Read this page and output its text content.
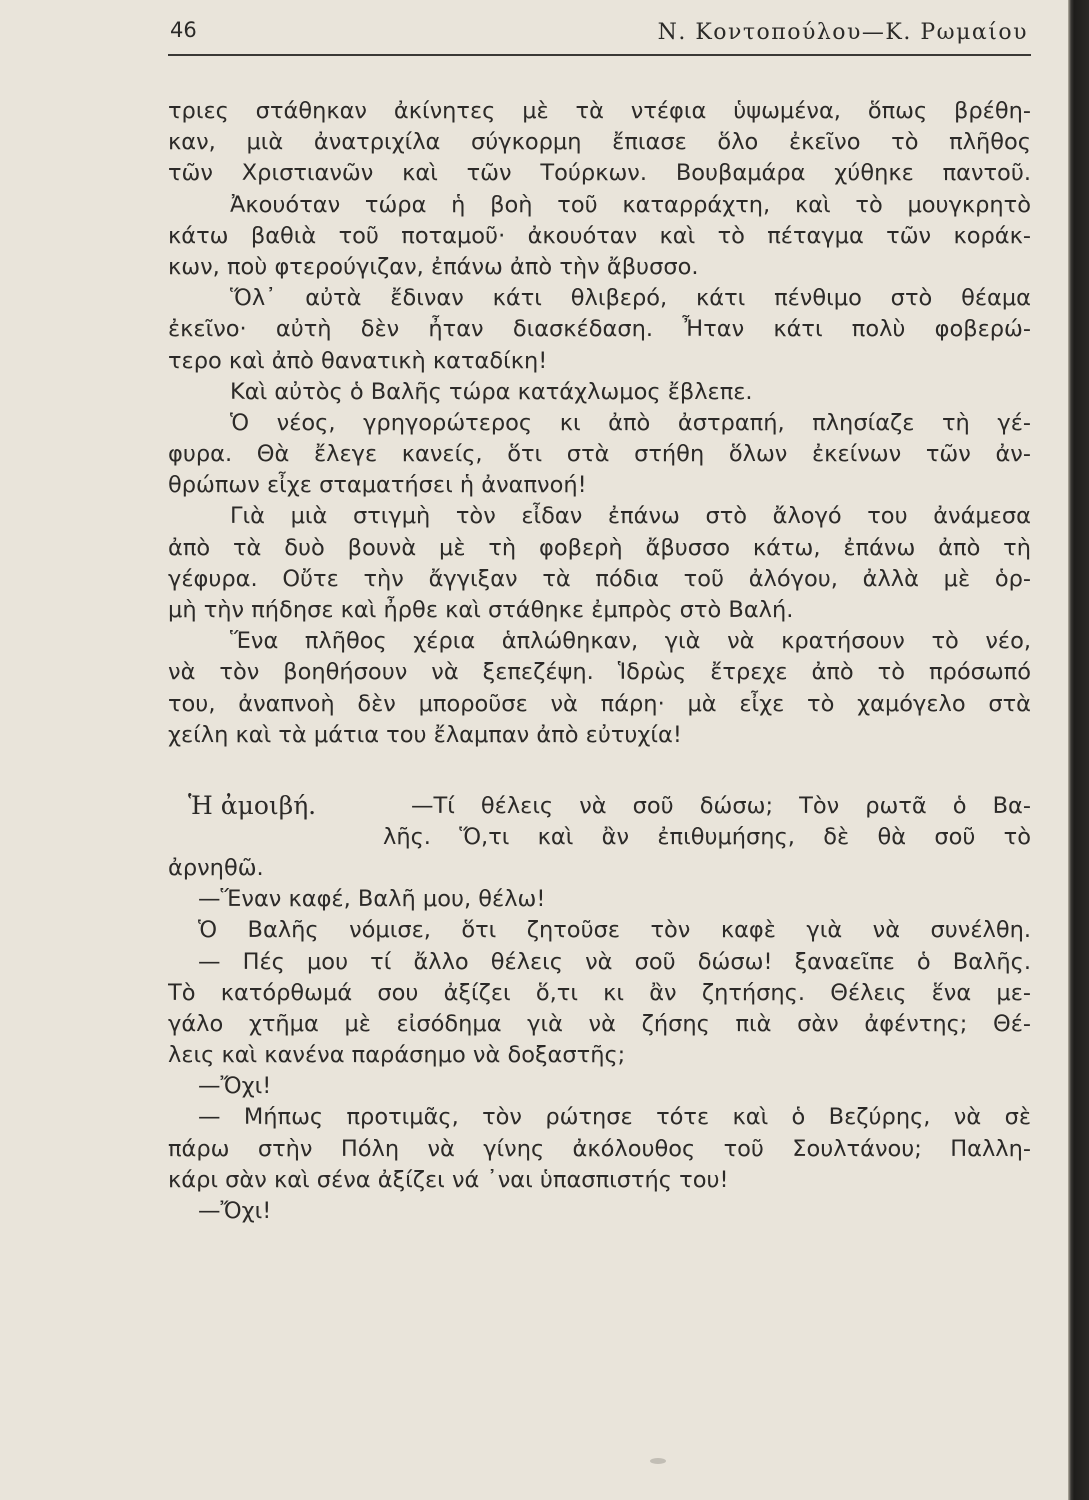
46	Ν. Κοντοπούλου—Κ. Ρωμαίου
τριες στάθηκαν ἀκίνητες μὲ τὰ ντέφια ὑψωμένα, ὅπως βρέθη-
καν, μιὰ ἀνατριχίλα σύγκορμη ἔπιασε ὅλο ἐκεῖνο τὸ πλῆθος
τῶν Χριστιανῶν καὶ τῶν Τούρκων. Βουβαμάρα χύθηκε παντοῦ.
Ἀκουόταν τώρα ἡ βοὴ τοῦ καταρράχτη, καὶ τὸ μουγκρητὸ
κάτω βαθιὰ τοῦ ποταμοῦ· ἀκουόταν καὶ τὸ πέταγμα τῶν κοράκ-
κων, ποὺ φτερούγιζαν, ἐπάνω ἀπὸ τὴν ἄβυσσο.
Ὅλ᾽ αὐτὰ ἔδιναν κάτι θλιβερό, κάτι πένθιμο στὸ θέαμα
ἐκεῖνο· αὐτὴ δὲν ἦταν διασκέδαση. Ἦταν κάτι πολὺ φοβερώ-
τερο καὶ ἀπὸ θανατικὴ καταδίκη!
Καὶ αὐτὸς ὁ Βαλῆς τώρα κατάχλωμος ἔβλεπε.
Ὁ νέος, γρηγορώτερος κι ἀπὸ ἀστραπή, πλησίαζε τὴ γέ-
φυρα. Θὰ ἔλεγε κανείς, ὅτι στὰ στήθη ὅλων ἐκείνων τῶν ἀν-
θρώπων εἶχε σταματήσει ἡ ἀναπνοή!
Γιὰ μιὰ στιγμὴ τὸν εἶδαν ἐπάνω στὸ ἄλογό του ἀνάμεσα
ἀπὸ τὰ δυὸ βουνὰ μὲ τὴ φοβερὴ ἄβυσσο κάτω, ἐπάνω ἀπὸ τὴ
γέφυρα. Οὔτε τὴν ἄγγιξαν τὰ πόδια τοῦ ἀλόγου, ἀλλὰ μὲ ὁρ-
μὴ τὴν πήδησε καὶ ἦρθε καὶ στάθηκε ἐμπρὸς στὸ Βαλή.
Ἕνα πλῆθος χέρια ἁπλώθηκαν, γιὰ νὰ κρατήσουν τὸ νέο,
νὰ τὸν βοηθήσουν νὰ ξεπεζέψη. Ἱδρὼς ἔτρεχε ἀπὸ τὸ πρόσωπό
του, ἀναπνοὴ δὲν μποροῦσε νὰ πάρη· μὰ εἶχε τὸ χαμόγελο στὰ
χείλη καὶ τὰ μάτια του ἔλαμπαν ἀπὸ εὐτυχία!
Ἡ ἀμοιβή.	—Τί θέλεις νὰ σοῦ δώσω; Τὸν ρωτᾶ ὁ Βα-
λῆς. Ὅ,τι καὶ ἂν ἐπιθυμήσης, δὲ θὰ σοῦ τὸ
ἀρνηθῶ.
—Ἕναν καφέ, Βαλῆ μου, θέλω!
Ὁ Βαλῆς νόμισε, ὅτι ζητοῦσε τὸν καφὲ γιὰ νὰ συνέλθη.
— Πές μου τί ἄλλο θέλεις νὰ σοῦ δώσω! ξαναεῖπε ὁ Βαλῆς.
Τὸ κατόρθωμά σου ἀξίζει ὅ,τι κι ἂν ζητήσης. Θέλεις ἕνα με-
γάλο χτῆμα μὲ εἰσόδημα γιὰ νὰ ζήσης πιὰ σὰν ἀφέντης; Θέ-
λεις καὶ κανένα παράσημο νὰ δοξαστῆς;
—Ὄχι!
— Μήπως προτιμᾶς, τὸν ρώτησε τότε καὶ ὁ Βεζύρης, νὰ σὲ
πάρω στὴν Πόλη νὰ γίνης ἀκόλουθος τοῦ Σουλτάνου; Παλλη-
κάρι σὰν καὶ σένα ἀξίζει νά ᾽ναι ὑπασπιστής του!
—Ὄχι!
